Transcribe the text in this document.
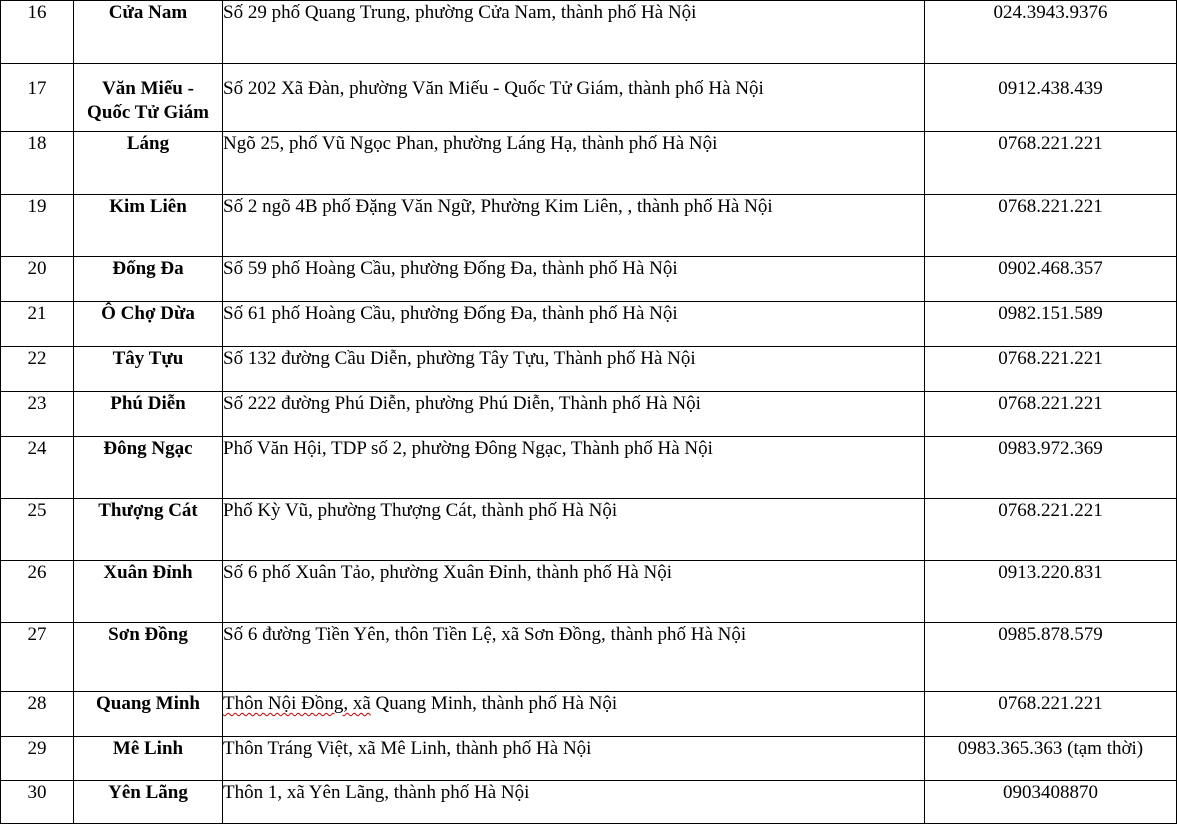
16	Cửa Nam	Số 29 phố Quang Trung, phường Cửa Nam, thành phố Hà Nội	024.3943.9376
17	Văn Miếu -
Quốc Tử Giám	Số 202 Xã Đàn, phường Văn Miếu - Quốc Tử Giám, thành phố Hà Nội	0912.438.439
18	Láng	Ngõ 25, phố Vũ Ngọc Phan, phường Láng Hạ, thành phố Hà Nội	0768.221.221
19	Kim Liên	Số 2 ngõ 4B phố Đặng Văn Ngữ, Phường Kim Liên, , thành phố Hà Nội	0768.221.221
20	Đống Đa	Số 59 phố Hoàng Cầu, phường Đống Đa, thành phố Hà Nội	0902.468.357
21	Ô Chợ Dừa	Số 61 phố Hoàng Cầu, phường Đống Đa, thành phố Hà Nội	0982.151.589
22	Tây Tựu	Số 132 đường Cầu Diễn, phường Tây Tựu, Thành phố Hà Nội	0768.221.221
23	Phú Diễn	Số 222 đường Phú Diễn, phường Phú Diễn, Thành phố Hà Nội	0768.221.221
24	Đông Ngạc	Phố Văn Hội, TDP số 2, phường Đông Ngạc, Thành phố Hà Nội	0983.972.369
25	Thượng Cát	Phố Kỳ Vũ, phường Thượng Cát, thành phố Hà Nội	0768.221.221
26	Xuân Đỉnh	Số 6 phố Xuân Tảo, phường Xuân Đỉnh, thành phố Hà Nội	0913.220.831
27	Sơn Đồng	Số 6 đường Tiền Yên, thôn Tiền Lệ, xã Sơn Đồng, thành phố Hà Nội	0985.878.579
28	Quang Minh	Thôn Nội Đồng, xã Quang Minh, thành phố Hà Nội	0768.221.221
29	Mê Linh	Thôn Tráng Việt, xã Mê Linh, thành phố Hà Nội	0983.365.363 (tạm thời)
30	Yên Lãng	Thôn 1, xã Yên Lãng, thành phố Hà Nội	0903408870
